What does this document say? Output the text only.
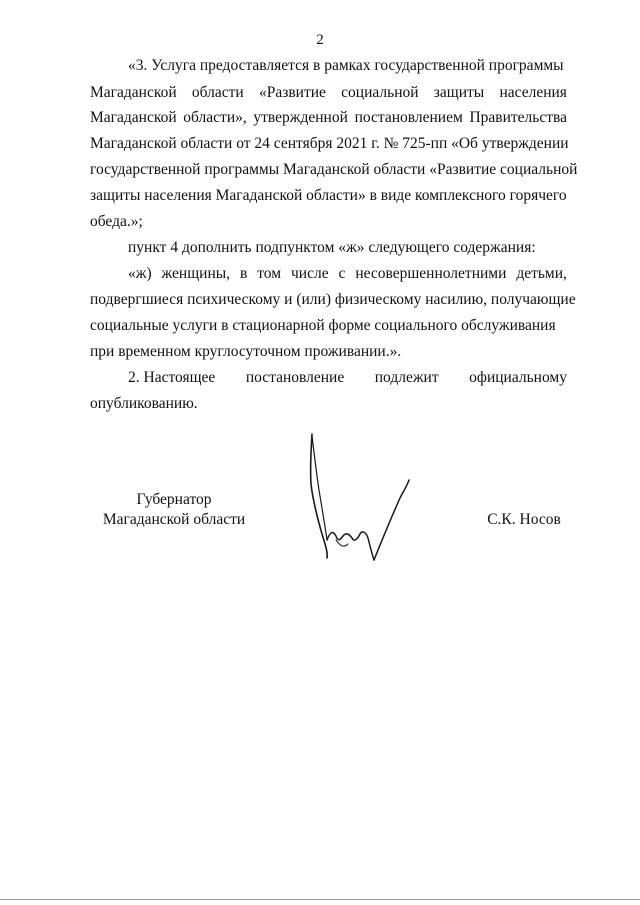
2
«3. Услуга предоставляется в рамках государственной программы
Магаданской области «Развитие социальной защиты населения
Магаданской области», утвержденной постановлением Правительства
Магаданской области от 24 сентября 2021 г. № 725-пп «Об утверждении
государственной программы Магаданской области «Развитие социальной
защиты населения Магаданской области» в виде комплексного горячего
обеда.»;
пункт 4 дополнить подпунктом «ж» следующего содержания:
«ж) женщины, в том числе с несовершеннолетними детьми,
подвергшиеся психическому и (или) физическому насилию, получающие
социальные услуги в стационарной форме социального обслуживания
при временном круглосуточном проживании.».
2. Настоящее постановление подлежит официальному
опубликованию.
Губернатор
Магаданской области	С.К. Носов
